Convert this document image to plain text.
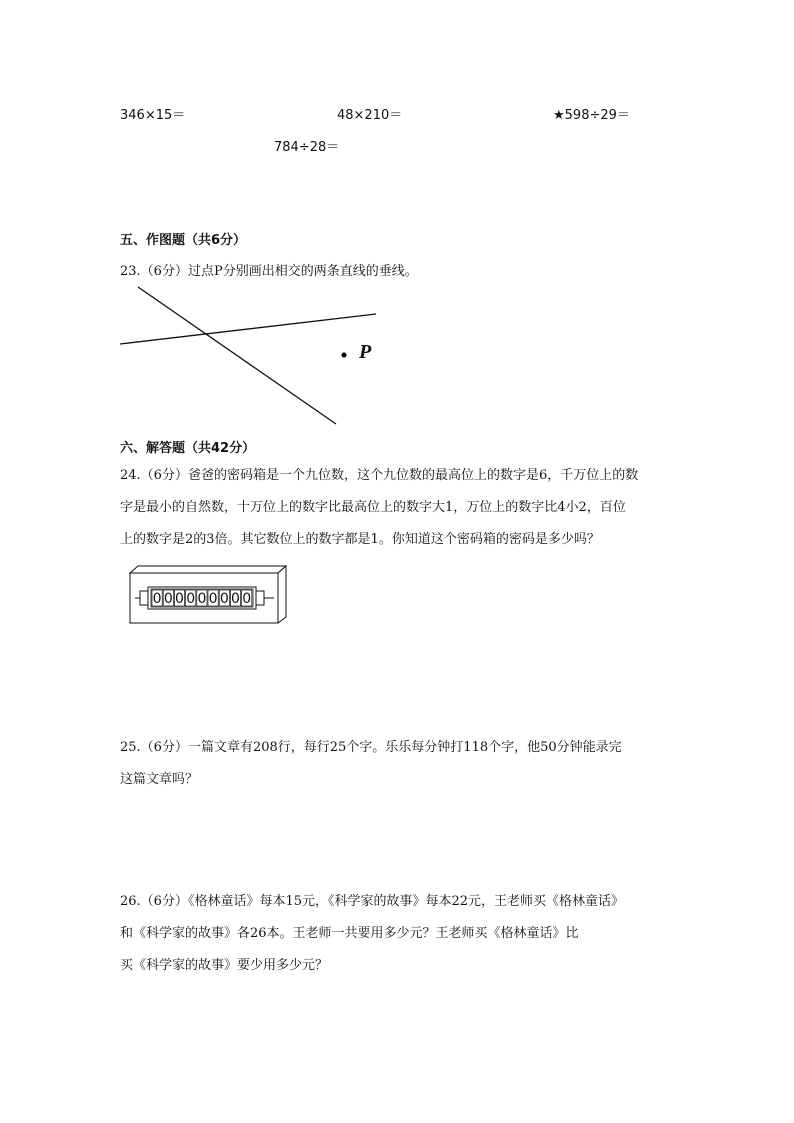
346×15＝	48×210＝	★598÷29＝
784÷28＝
五、作图题（共6分）
23.（6分）过点P分别画出相交的两条直线的垂线。
P
六、解答题（共42分）
24.（6分）爸爸的密码箱是一个九位数，这个九位数的最高位上的数字是6，千万位上的数
字是最小的自然数，十万位上的数字比最高位上的数字大1，万位上的数字比4小2，百位
上的数字是2的3倍。其它数位上的数字都是1。你知道这个密码箱的密码是多少吗？
0 0 0 0 0 0 0 0 0
25.（6分）一篇文章有208行，每行25个字。乐乐每分钟打118个字，他50分钟能录完
这篇文章吗？
26.（6分）《格林童话》每本15元，《科学家的故事》每本22元，王老师买《格林童话》
和《科学家的故事》各26本。王老师一共要用多少元？王老师买《格林童话》比
买《科学家的故事》要少用多少元？
